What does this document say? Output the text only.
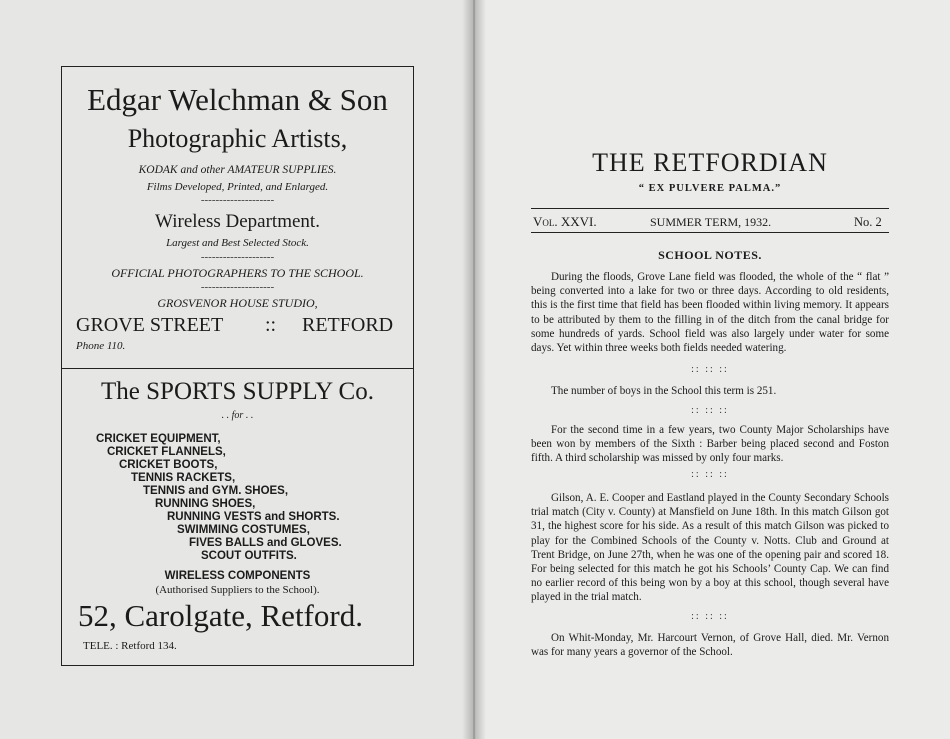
Edgar Welchman & Son
Photographic Artists,
KODAK and other AMATEUR SUPPLIES.
Films Developed, Printed, and Enlarged.
--------------------
Wireless Department.
Largest and Best Selected Stock.
--------------------
OFFICIAL PHOTOGRAPHERS TO THE SCHOOL.
--------------------
GROSVENOR HOUSE STUDIO,
GROVE STREET :: RETFORD
Phone 110.
The SPORTS SUPPLY Co.
. . for . .
CRICKET EQUIPMENT,
CRICKET FLANNELS,
CRICKET BOOTS,
TENNIS RACKETS,
TENNIS and GYM. SHOES,
RUNNING SHOES,
RUNNING VESTS and SHORTS.
SWIMMING COSTUMES,
FIVES BALLS and GLOVES.
SCOUT OUTFITS.
WIRELESS COMPONENTS
(Authorised Suppliers to the School).
52, Carolgate, Retford.
TELE. : Retford 134.
THE RETFORDIAN
“ EX PULVERE PALMA.”
Vol. XXVI.	SUMMER TERM, 1932.	No. 2
SCHOOL NOTES.
During the floods, Grove Lane field was flooded, the whole of the “ flat ” being converted into a lake for two or three days. According to old residents, this is the first time that field has been flooded within living memory. It appears to be attributed by them to the filling in of the ditch from the canal bridge for some hundreds of yards. School field was also largely under water for some days. Yet within three weeks both fields needed watering.
:: :: ::
The number of boys in the School this term is 251.
:: :: ::
For the second time in a few years, two County Major Scholarships have been won by members of the Sixth : Barber being placed second and Foston fifth. A third scholarship was missed by only four marks.
:: :: ::
Gilson, A. E. Cooper and Eastland played in the County Secondary Schools trial match (City v. County) at Mansfield on June 18th. In this match Gilson got 31, the highest score for his side. As a result of this match Gilson was picked to play for the Combined Schools of the County v. Notts. Club and Ground at Trent Bridge, on June 27th, when he was one of the opening pair and scored 18. For being selected for this match he got his Schools’ County Cap. We can find no earlier record of this being won by a boy at this school, though several have played in the trial match.
:: :: ::
On Whit-Monday, Mr. Harcourt Vernon, of Grove Hall, died. Mr. Vernon was for many years a governor of the School.
